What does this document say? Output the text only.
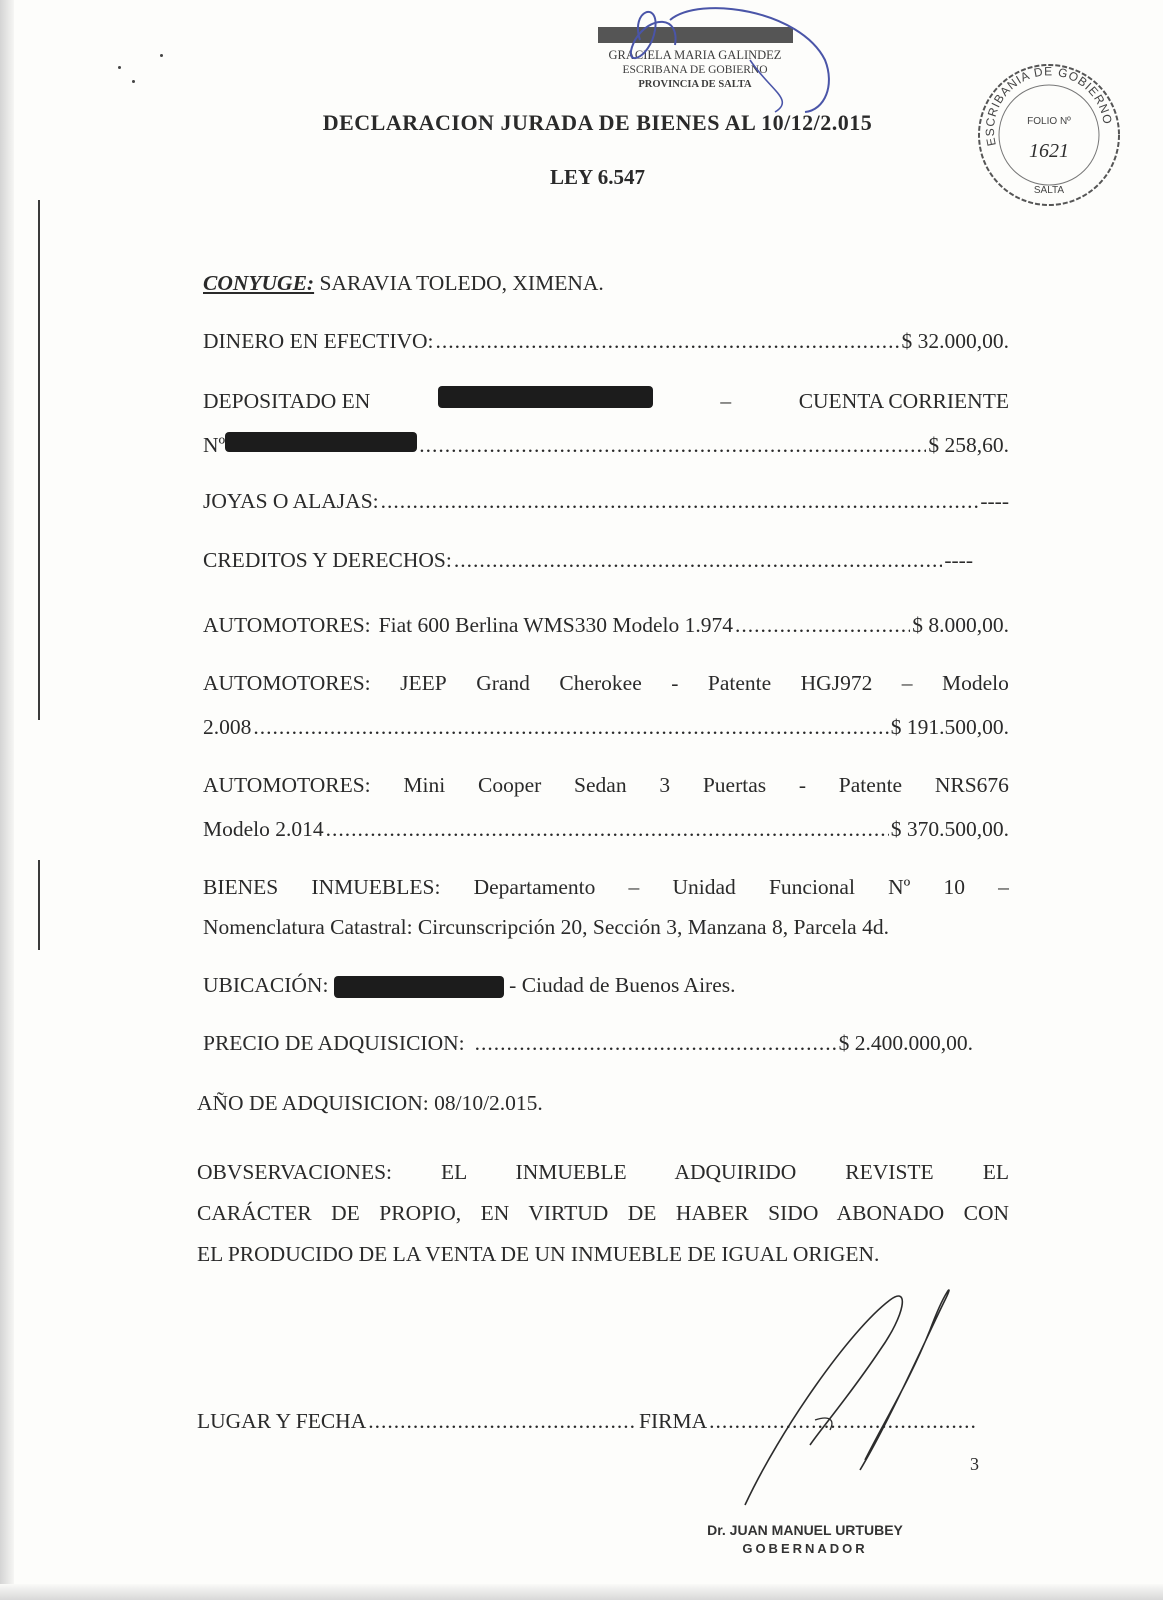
GRACIELA MARIA GALINDEZ
ESCRIBANA DE GOBIERNO
PROVINCIA DE SALTA
ESCRIBANIA DE GOBIERNO
FOLIO Nº
1621
SALTA
DECLARACION JURADA DE BIENES AL 10/12/2.015
LEY 6.547
CONYUGE: SARAVIA TOLEDO, XIMENA.
DINERO EN EFECTIVO: .....	$ 32.000,00.
DEPOSITADO EN	–	CUENTA CORRIENTE
Nº .....	$ 258,60.
JOYAS O ALAJAS: .....	----
CREDITOS Y DERECHOS: .....	----
AUTOMOTORES: Fiat 600 Berlina WMS330 Modelo 1.974 .....	$ 8.000,00.
AUTOMOTORES: JEEP Grand Cherokee - Patente HGJ972 – Modelo
2.008 .....	$ 191.500,00.
AUTOMOTORES: Mini Cooper Sedan 3 Puertas - Patente NRS676
Modelo 2.014 .....	$ 370.500,00.
BIENES INMUEBLES: Departamento – Unidad Funcional Nº 10 –
Nomenclatura Catastral: Circunscripción 20, Sección 3, Manzana 8, Parcela 4d.
UBICACIÓN:	- Ciudad de Buenos Aires.
PRECIO DE ADQUISICION: .....	$ 2.400.000,00.
AÑO DE ADQUISICION: 08/10/2.015.
OBVSERVACIONES: EL INMUEBLE ADQUIRIDO REVISTE EL
CARÁCTER DE PROPIO, EN VIRTUD DE HABER SIDO ABONADO CON
EL PRODUCIDO DE LA VENTA DE UN INMUEBLE DE IGUAL ORIGEN.
LUGAR Y FECHA .....	FIRMA
.....
3
Dr. JUAN MANUEL URTUBEY
GOBERNADOR
